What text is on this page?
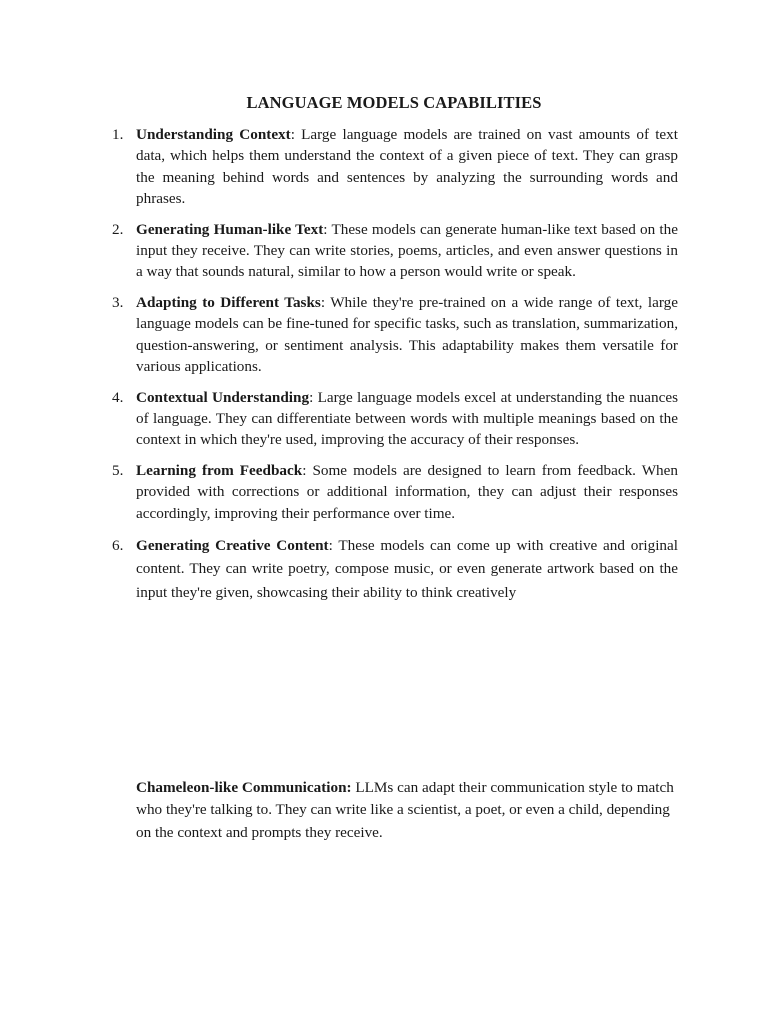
LANGUAGE MODELS CAPABILITIES
1. Understanding Context: Large language models are trained on vast amounts of text data, which helps them understand the context of a given piece of text. They can grasp the meaning behind words and sentences by analyzing the surrounding words and phrases.
2. Generating Human-like Text: These models can generate human-like text based on the input they receive. They can write stories, poems, articles, and even answer questions in a way that sounds natural, similar to how a person would write or speak.
3. Adapting to Different Tasks: While they're pre-trained on a wide range of text, large language models can be fine-tuned for specific tasks, such as translation, summarization, question-answering, or sentiment analysis. This adaptability makes them versatile for various applications.
4. Contextual Understanding: Large language models excel at understanding the nuances of language. They can differentiate between words with multiple meanings based on the context in which they're used, improving the accuracy of their responses.
5. Learning from Feedback: Some models are designed to learn from feedback. When provided with corrections or additional information, they can adjust their responses accordingly, improving their performance over time.
6. Generating Creative Content: These models can come up with creative and original content. They can write poetry, compose music, or even generate artwork based on the input they're given, showcasing their ability to think creatively

Chameleon-like Communication: LLMs can adapt their communication style to match who they're talking to. They can write like a scientist, a poet, or even a child, depending on the context and prompts they receive.
